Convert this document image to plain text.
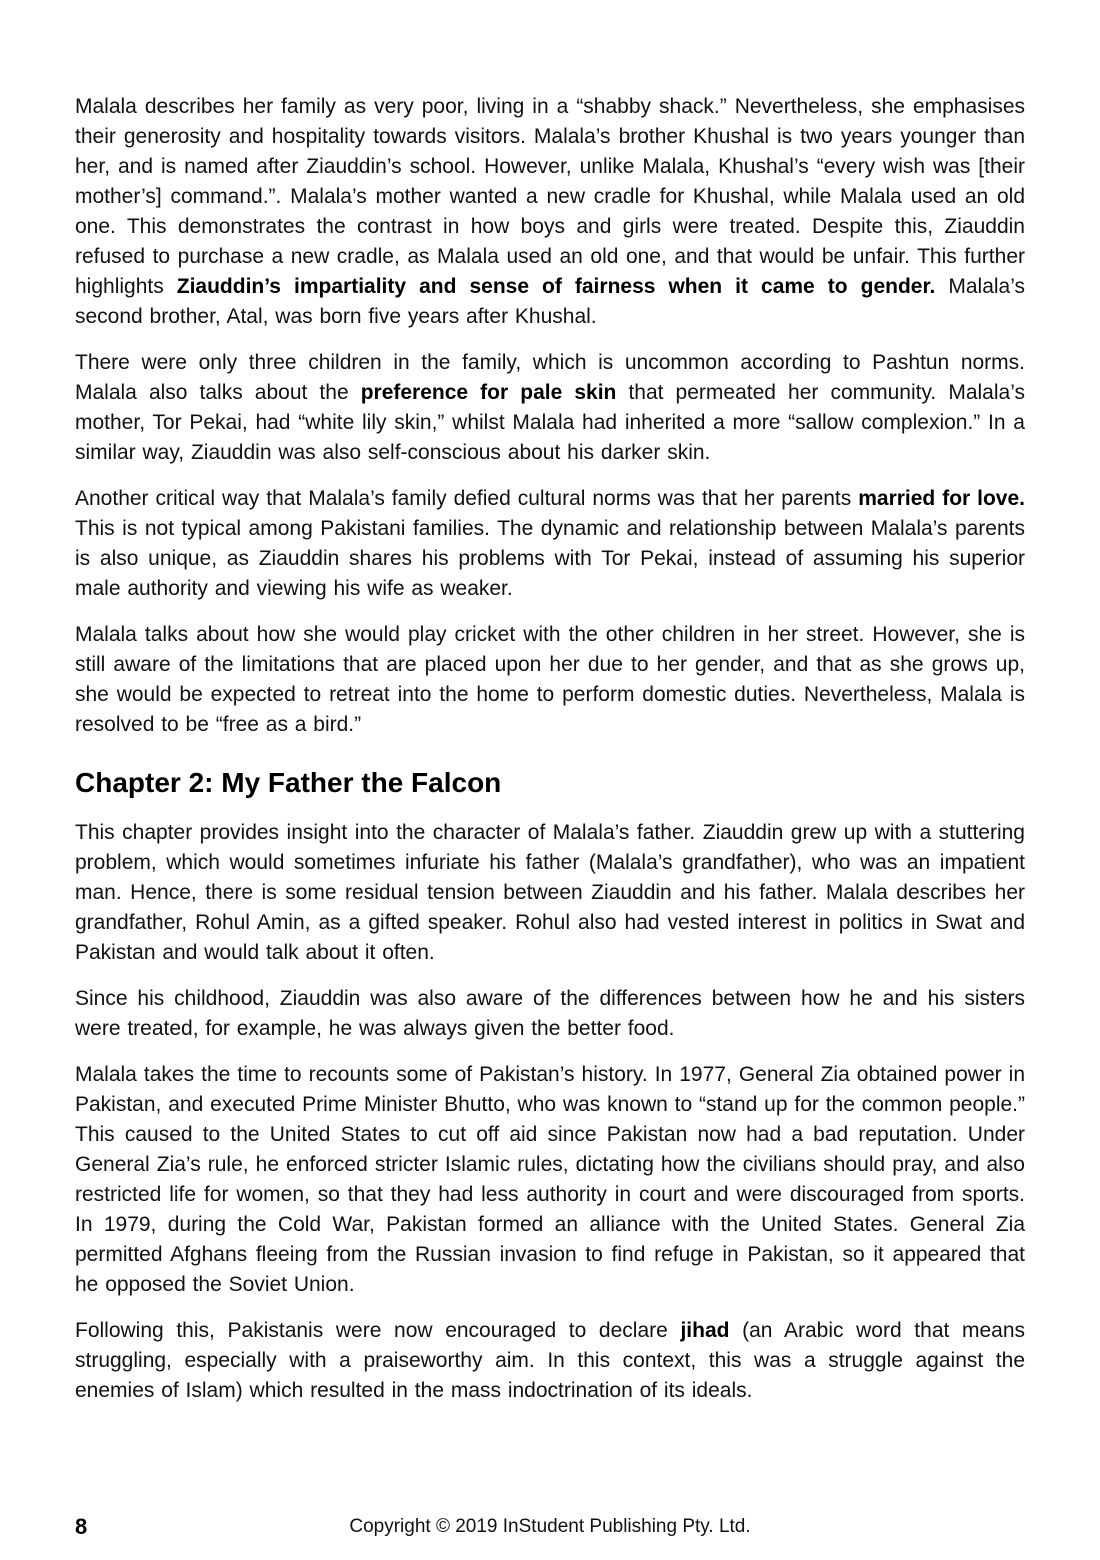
Malala describes her family as very poor, living in a “shabby shack.” Nevertheless, she emphasises their generosity and hospitality towards visitors. Malala’s brother Khushal is two years younger than her, and is named after Ziauddin’s school. However, unlike Malala, Khushal’s “every wish was [their mother’s] command.”. Malala’s mother wanted a new cradle for Khushal, while Malala used an old one. This demonstrates the contrast in how boys and girls were treated. Despite this, Ziauddin refused to purchase a new cradle, as Malala used an old one, and that would be unfair. This further highlights Ziauddin’s impartiality and sense of fairness when it came to gender. Malala’s second brother, Atal, was born five years after Khushal.

There were only three children in the family, which is uncommon according to Pashtun norms. Malala also talks about the preference for pale skin that permeated her community. Malala’s mother, Tor Pekai, had “white lily skin,” whilst Malala had inherited a more “sallow complexion.” In a similar way, Ziauddin was also self-conscious about his darker skin.

Another critical way that Malala’s family defied cultural norms was that her parents married for love. This is not typical among Pakistani families. The dynamic and relationship between Malala’s parents is also unique, as Ziauddin shares his problems with Tor Pekai, instead of assuming his superior male authority and viewing his wife as weaker.

Malala talks about how she would play cricket with the other children in her street. However, she is still aware of the limitations that are placed upon her due to her gender, and that as she grows up, she would be expected to retreat into the home to perform domestic duties. Nevertheless, Malala is resolved to be “free as a bird.”

Chapter 2: My Father the Falcon

This chapter provides insight into the character of Malala’s father. Ziauddin grew up with a stuttering problem, which would sometimes infuriate his father (Malala’s grandfather), who was an impatient man. Hence, there is some residual tension between Ziauddin and his father. Malala describes her grandfather, Rohul Amin, as a gifted speaker. Rohul also had vested interest in politics in Swat and Pakistan and would talk about it often.

Since his childhood, Ziauddin was also aware of the differences between how he and his sisters were treated, for example, he was always given the better food.

Malala takes the time to recounts some of Pakistan’s history. In 1977, General Zia obtained power in Pakistan, and executed Prime Minister Bhutto, who was known to “stand up for the common people.” This caused to the United States to cut off aid since Pakistan now had a bad reputation. Under General Zia’s rule, he enforced stricter Islamic rules, dictating how the civilians should pray, and also restricted life for women, so that they had less authority in court and were discouraged from sports. In 1979, during the Cold War, Pakistan formed an alliance with the United States. General Zia permitted Afghans fleeing from the Russian invasion to find refuge in Pakistan, so it appeared that he opposed the Soviet Union.

Following this, Pakistanis were now encouraged to declare jihad (an Arabic word that means struggling, especially with a praiseworthy aim. In this context, this was a struggle against the enemies of Islam) which resulted in the mass indoctrination of its ideals.

8	Copyright © 2019 InStudent Publishing Pty. Ltd.
